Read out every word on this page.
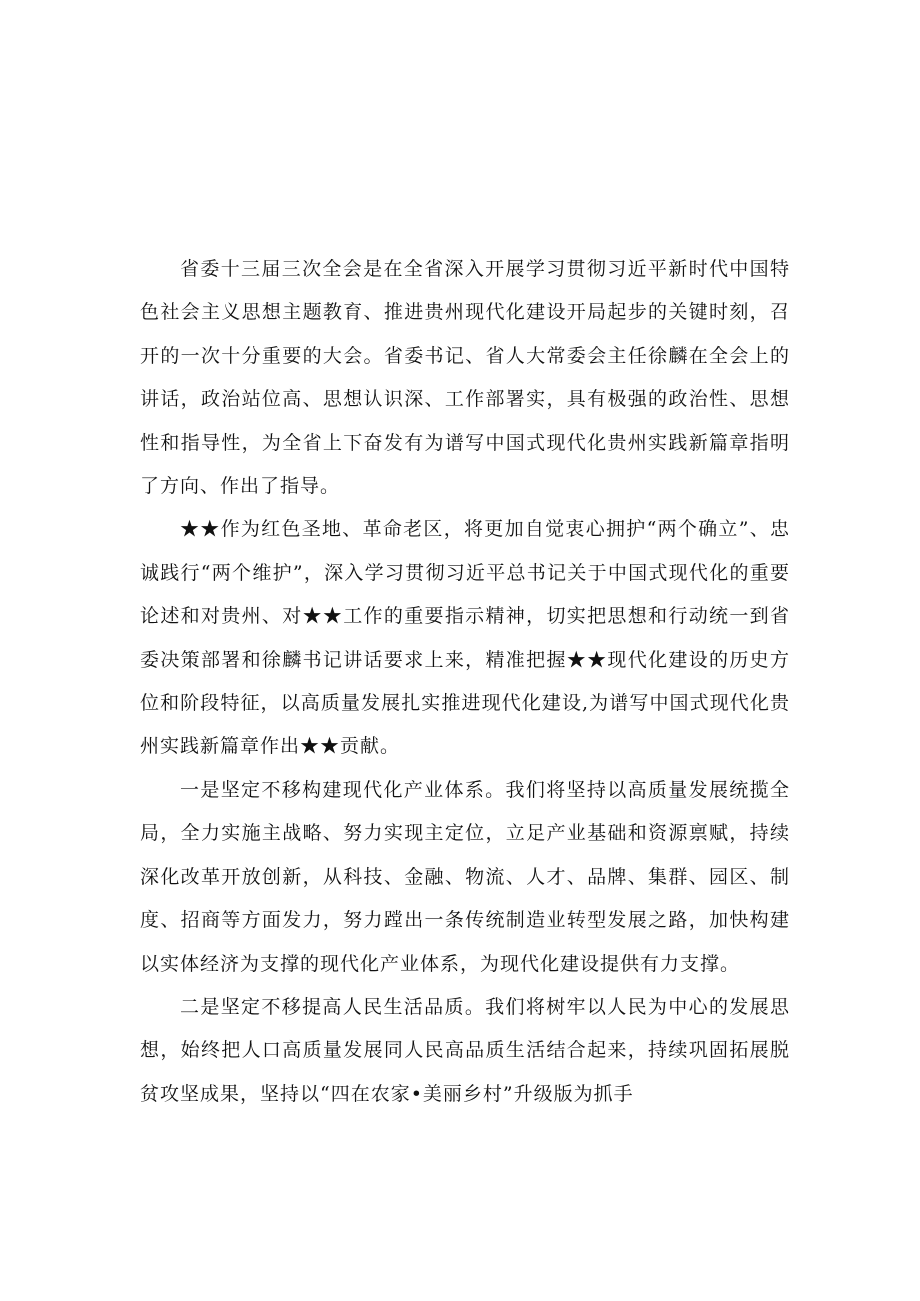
省委十三届三次全会是在全省深入开展学习贯彻习近平新时代中国特色社会主义思想主题教育、推进贵州现代化建设开局起步的关键时刻，召开的一次十分重要的大会。省委书记、省人大常委会主任徐麟在全会上的讲话，政治站位高、思想认识深、工作部署实，具有极强的政治性、思想性和指导性，为全省上下奋发有为谱写中国式现代化贵州实践新篇章指明了方向、作出了指导。

★★作为红色圣地、革命老区，将更加自觉衷心拥护“两个确立”、忠诚践行“两个维护”，深入学习贯彻习近平总书记关于中国式现代化的重要论述和对贵州、对★★工作的重要指示精神，切实把思想和行动统一到省委决策部署和徐麟书记讲话要求上来，精准把握★★现代化建设的历史方位和阶段特征，以高质量发展扎实推进现代化建设,为谱写中国式现代化贵州实践新篇章作出★★贡献。

一是坚定不移构建现代化产业体系。我们将坚持以高质量发展统揽全局，全力实施主战略、努力实现主定位，立足产业基础和资源禀赋，持续深化改革开放创新，从科技、金融、物流、人才、品牌、集群、园区、制度、招商等方面发力，努力蹚出一条传统制造业转型发展之路，加快构建以实体经济为支撑的现代化产业体系，为现代化建设提供有力支撑。

二是坚定不移提高人民生活品质。我们将树牢以人民为中心的发展思想，始终把人口高质量发展同人民高品质生活结合起来，持续巩固拓展脱贫攻坚成果，坚持以“四在农家•美丽乡村”升级版为抓手
